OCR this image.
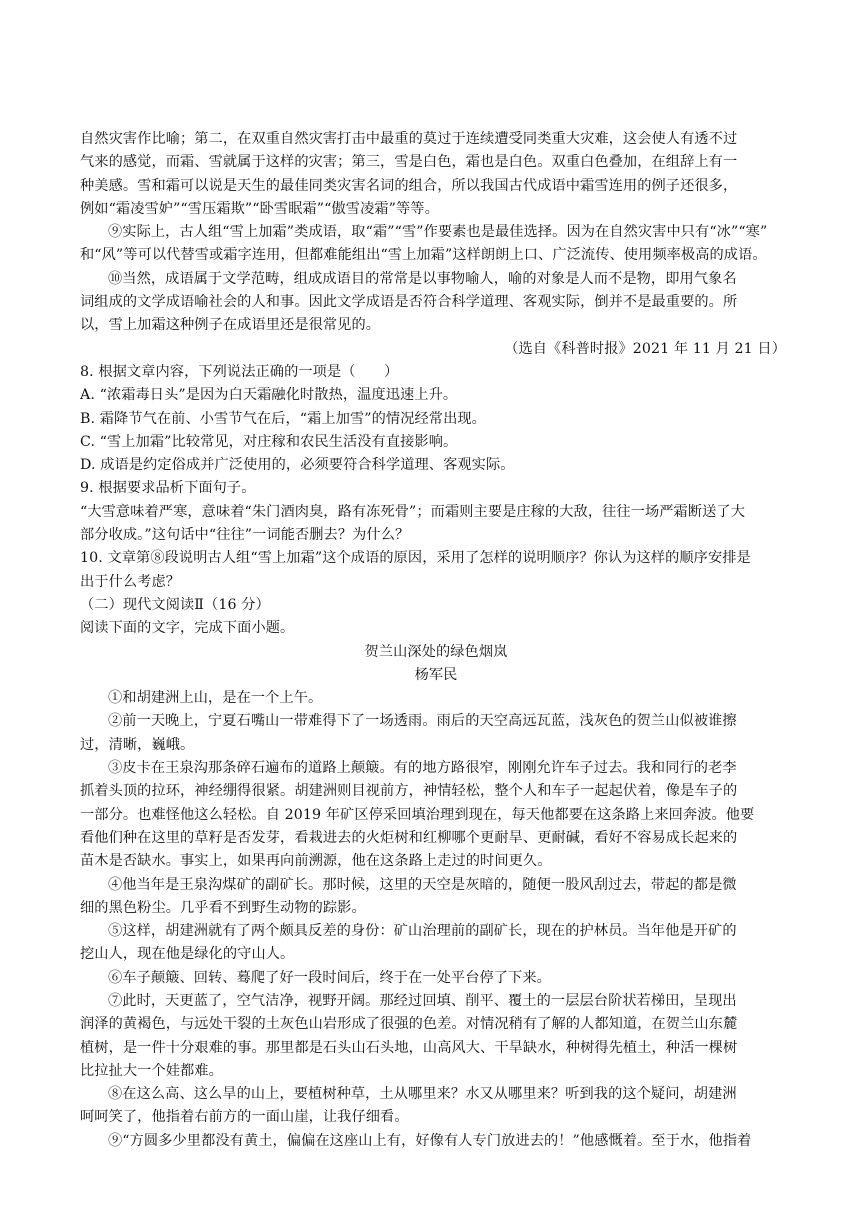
自然灾害作比喻；第二，在双重自然灾害打击中最重的莫过于连续遭受同类重大灾难，这会使人有透不过
气来的感觉，而霜、雪就属于这样的灾害；第三，雪是白色，霜也是白色。双重白色叠加，在组辞上有一
种美感。雪和霜可以说是天生的最佳同类灾害名词的组合，所以我国古代成语中霜雪连用的例子还很多，
例如“霜凌雪妒”“雪压霜欺”“卧雪眠霜”“傲雪凌霜”等等。
⑨实际上，古人组“雪上加霜”类成语，取“霜”“雪”作要素也是最佳选择。因为在自然灾害中只有“冰”“寒”
和“风”等可以代替雪或霜字连用，但都难能组出“雪上加霜”这样朗朗上口、广泛流传、使用频率极高的成语。
⑩当然，成语属于文学范畴，组成成语目的常常是以事物喻人，喻的对象是人而不是物，即用气象名
词组成的文学成语喻社会的人和事。因此文学成语是否符合科学道理、客观实际，倒并不是最重要的。所
以，雪上加霜这种例子在成语里还是很常见的。
（选自《科普时报》2021 年 11 月 21 日）
8. 根据文章内容，下列说法正确的一项是（　　）
A. “浓霜毒日头”是因为白天霜融化时散热，温度迅速上升。
B. 霜降节气在前、小雪节气在后，“霜上加雪”的情况经常出现。
C. “雪上加霜”比较常见，对庄稼和农民生活没有直接影响。
D. 成语是约定俗成并广泛使用的，必须要符合科学道理、客观实际。
9. 根据要求品析下面句子。
“大雪意味着严寒，意味着“朱门酒肉臭，路有冻死骨”；而霜则主要是庄稼的大敌，往往一场严霜断送了大
部分收成。”这句话中“往往”一词能否删去？为什么？
10. 文章第⑧段说明古人组“雪上加霜”这个成语的原因，采用了怎样的说明顺序？你认为这样的顺序安排是
出于什么考虑？
（二）现代文阅读Ⅱ（16 分）
阅读下面的文字，完成下面小题。
贺兰山深处的绿色烟岚
杨军民
①和胡建洲上山，是在一个上午。
②前一天晚上，宁夏石嘴山一带难得下了一场透雨。雨后的天空高远瓦蓝，浅灰色的贺兰山似被谁擦
过，清晰，巍峨。
③皮卡在王泉沟那条碎石遍布的道路上颠簸。有的地方路很窄，刚刚允许车子过去。我和同行的老李
抓着头顶的拉环，神经绷得很紧。胡建洲则目视前方，神情轻松，整个人和车子一起起伏着，像是车子的
一部分。也难怪他这么轻松。自 2019 年矿区停采回填治理到现在，每天他都要在这条路上来回奔波。他要
看他们种在这里的草籽是否发芽，看栽进去的火炬树和红柳哪个更耐旱、更耐碱，看好不容易成长起来的
苗木是否缺水。事实上，如果再向前溯源，他在这条路上走过的时间更久。
④他当年是王泉沟煤矿的副矿长。那时候，这里的天空是灰暗的，随便一股风刮过去，带起的都是微
细的黑色粉尘。几乎看不到野生动物的踪影。
⑤这样，胡建洲就有了两个颇具反差的身份：矿山治理前的副矿长，现在的护林员。当年他是开矿的
挖山人，现在他是绿化的守山人。
⑥车子颠簸、回转、蓦爬了好一段时间后，终于在一处平台停了下来。
⑦此时，天更蓝了，空气洁净，视野开阔。那经过回填、削平、覆土的一层层台阶状若梯田，呈现出
润泽的黄褐色，与远处干裂的土灰色山岩形成了很强的色差。对情况稍有了解的人都知道，在贺兰山东麓
植树，是一件十分艰难的事。那里都是石头山石头地，山高风大、干旱缺水，种树得先植土，种活一棵树
比拉扯大一个娃都难。
⑧在这么高、这么旱的山上，要植树种草，土从哪里来？水又从哪里来？听到我的这个疑问，胡建洲
呵呵笑了，他指着右前方的一面山崖，让我仔细看。
⑨“方圆多少里都没有黄土，偏偏在这座山上有，好像有人专门放进去的！”他感慨着。至于水，他指着
